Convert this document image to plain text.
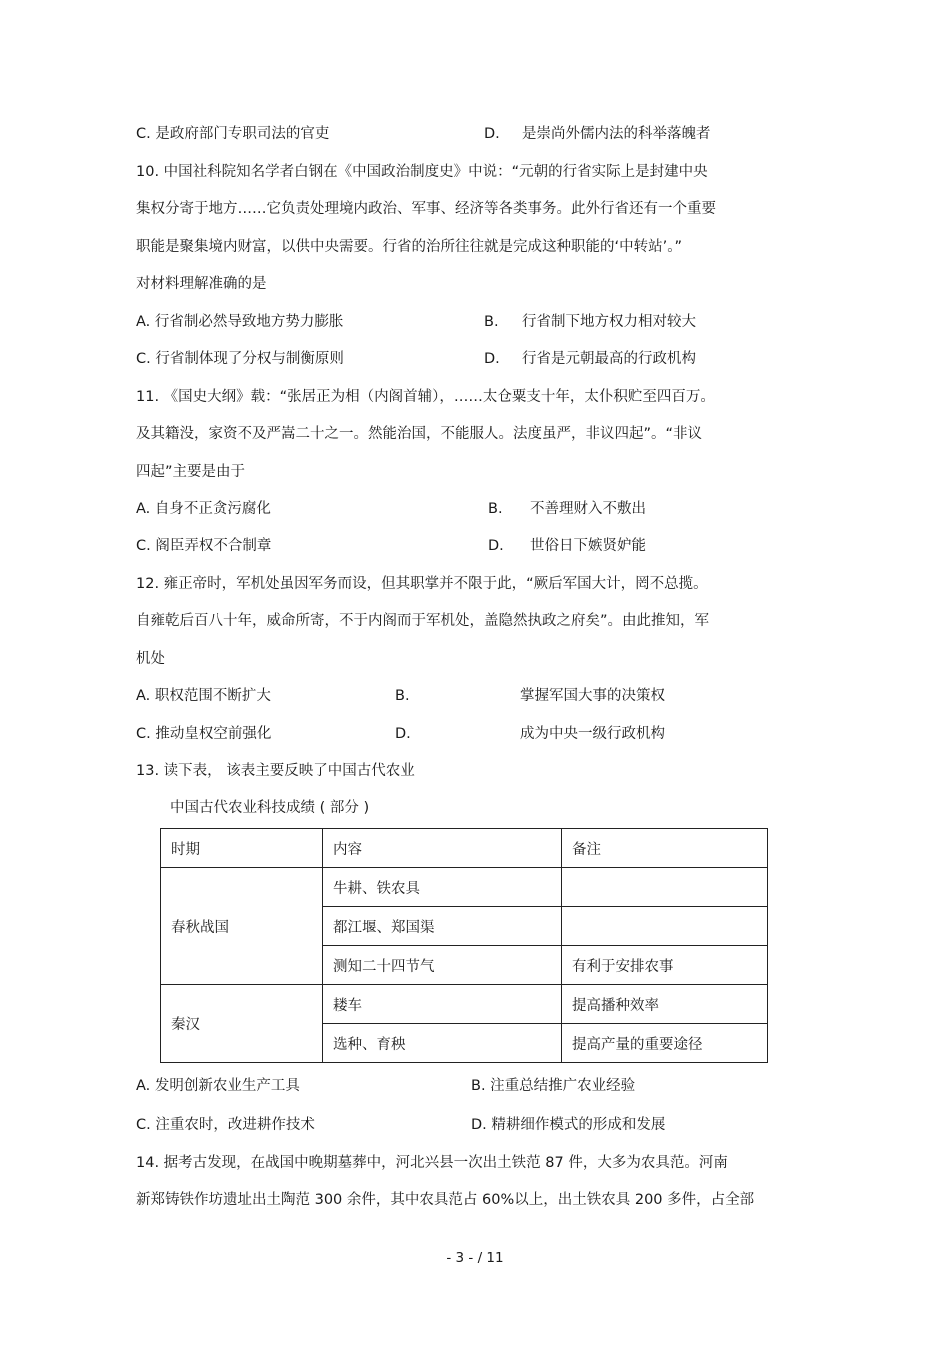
C. 是政府部门专职司法的官吏	D. 是崇尚外儒内法的科举落魄者
10. 中国社科院知名学者白钢在《中国政治制度史》中说：“元朝的行省实际上是封建中央
集权分寄于地方……它负责处理境内政治、军事、经济等各类事务。此外行省还有一个重要
职能是聚集境内财富，以供中央需要。行省的治所往往就是完成这种职能的‘中转站’。”
对材料理解准确的是
A. 行省制必然导致地方势力膨胀	B. 行省制下地方权力相对较大
C. 行省制体现了分权与制衡原则	D. 行省是元朝最高的行政机构
11. 《国史大纲》载：“张居正为相（内阁首辅），……太仓粟支十年，太仆积贮至四百万。
及其籍没，家资不及严嵩二十之一。然能治国，不能服人。法度虽严，非议四起”。“非议
四起”主要是由于
A. 自身不正贪污腐化	B. 不善理财入不敷出
C. 阁臣弄权不合制章	D. 世俗日下嫉贤妒能
12. 雍正帝时，军机处虽因军务而设，但其职掌并不限于此，“厥后军国大计，罔不总揽。
自雍乾后百八十年，威命所寄，不于内阁而于军机处，盖隐然执政之府矣”。由此推知，军
机处
A. 职权范围不断扩大	B.	掌握军国大事的决策权
C. 推动皇权空前强化	D.	成为中央一级行政机构
13. 读下表， 该表主要反映了中国古代农业
中国古代农业科技成绩 ( 部分 )
时期	内容	备注
春秋战国	牛耕、铁农具	
	都江堰、郑国渠	
	测知二十四节气	有利于安排农事
秦汉	耧车	提高播种效率
	选种、育秧	提高产量的重要途径
A. 发明创新农业生产工具	B. 注重总结推广农业经验
C. 注重农时，改进耕作技术	D. 精耕细作模式的形成和发展
14. 据考古发现，在战国中晚期墓葬中，河北兴县一次出土铁范 87 件，大多为农具范。河南
新郑铸铁作坊遗址出土陶范 300 余件，其中农具范占 60%以上，出土铁农具 200 多件，占全部
- 3 - / 11
